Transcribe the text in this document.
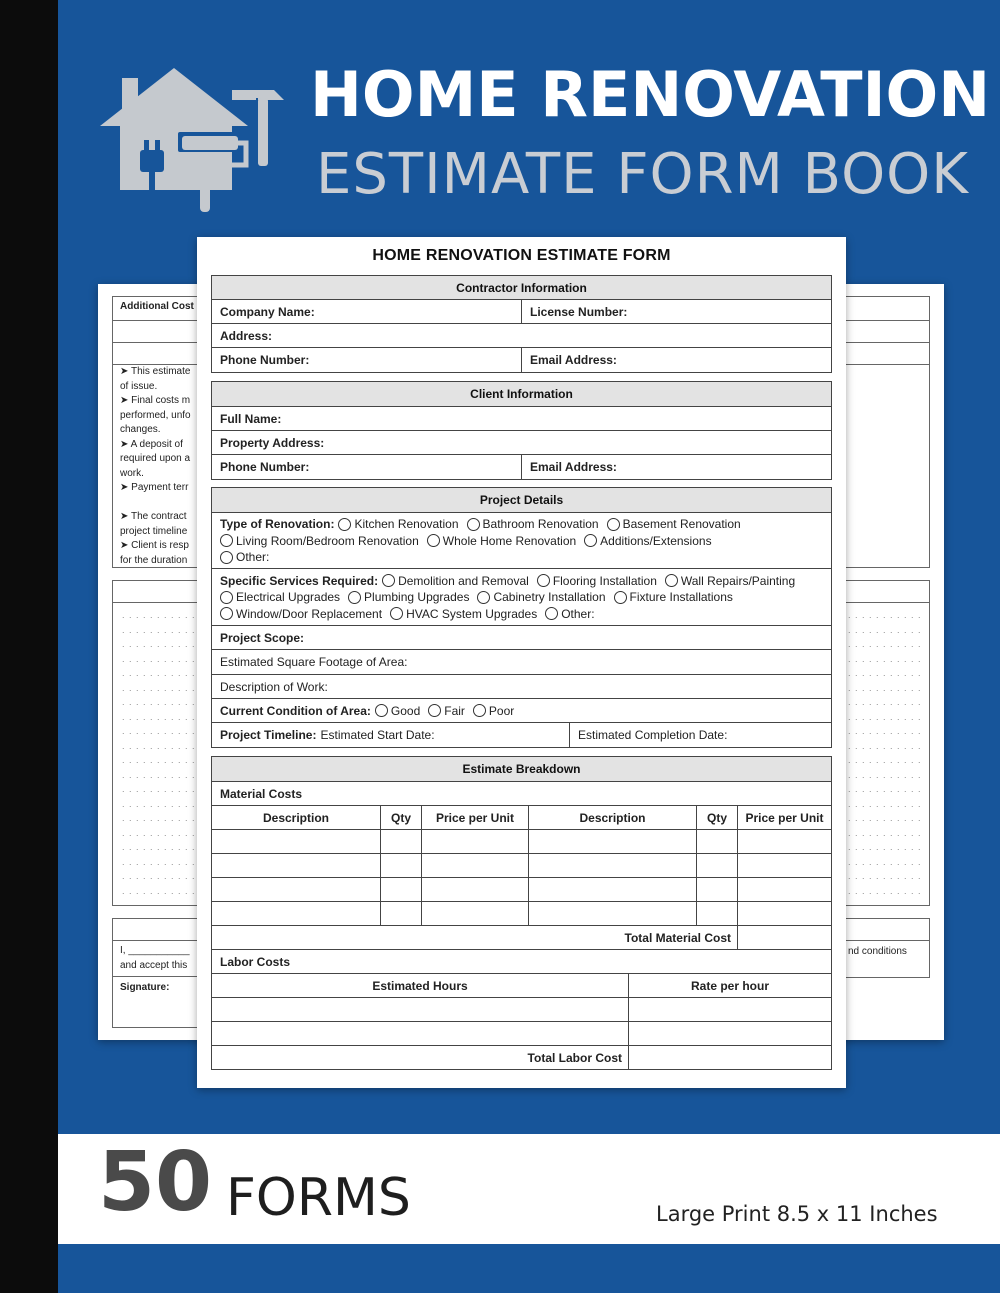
HOME RENOVATION
ESTIMATE FORM BOOK
Additional Cost
➤ This estimate
of issue.
➤ Final costs m
performed, unfo
changes.
➤ A deposit of
required upon a
work.
➤ Payment terr
➤ The contract
project timeline
➤ Client is resp
for the duration
. . . . . . . . . . .
. . . . . . . . . . .
. . . . . . . . . . .
. . . . . . . . . . .
. . . . . . . . . . .
. . . . . . . . . . .
. . . . . . . . . . .
. . . . . . . . . . .
. . . . . . . . . . .
. . . . . . . . . . .
. . . . . . . . . . .
. . . . . . . . . . .
. . . . . . . . . . .
. . . . . . . . . . .
. . . . . . . . . . .
. . . . . . . . . . .
. . . . . . . . . . .
. . . . . . . . . . .
. . . . . . . . . . .
. . . . . . . . . . .
I, ___________
and accept this
Signature:
. . . . . . . . . . .
. . . . . . . . . . .
. . . . . . . . . . .
. . . . . . . . . . .
. . . . . . . . . . .
. . . . . . . . . . .
. . . . . . . . . . .
. . . . . . . . . . .
. . . . . . . . . . .
. . . . . . . . . . .
. . . . . . . . . . .
. . . . . . . . . . .
. . . . . . . . . . .
. . . . . . . . . . .
. . . . . . . . . . .
. . . . . . . . . . .
. . . . . . . . . . .
. . . . . . . . . . .
. . . . . . . . . . .
. . . . . . . . . . .
nd conditions
HOME RENOVATION ESTIMATE FORM
Contractor Information
Company Name:	License Number:
Address:
Phone Number:	Email Address:
Client Information
Full Name:
Property Address:
Phone Number:	Email Address:
Project Details
Type of Renovation: Kitchen Renovation Bathroom Renovation Basement Renovation
Living Room/Bedroom Renovation Whole Home Renovation Additions/Extensions
Other:
Specific Services Required: Demolition and Removal Flooring Installation Wall Repairs/Painting
Electrical Upgrades Plumbing Upgrades Cabinetry Installation Fixture Installations
Window/Door Replacement HVAC System Upgrades Other:
Project Scope:
Estimated Square Footage of Area:
Description of Work:
Current Condition of Area: Good Fair Poor
Project Timeline: Estimated Start Date:	Estimated Completion Date:
Estimate Breakdown
Material Costs
Description	Qty	Price per Unit	Description	Qty	Price per Unit
Total Material Cost
Labor Costs
Estimated Hours	Rate per hour
Total Labor Cost
50 FORMS	Large Print 8.5 x 11 Inches
